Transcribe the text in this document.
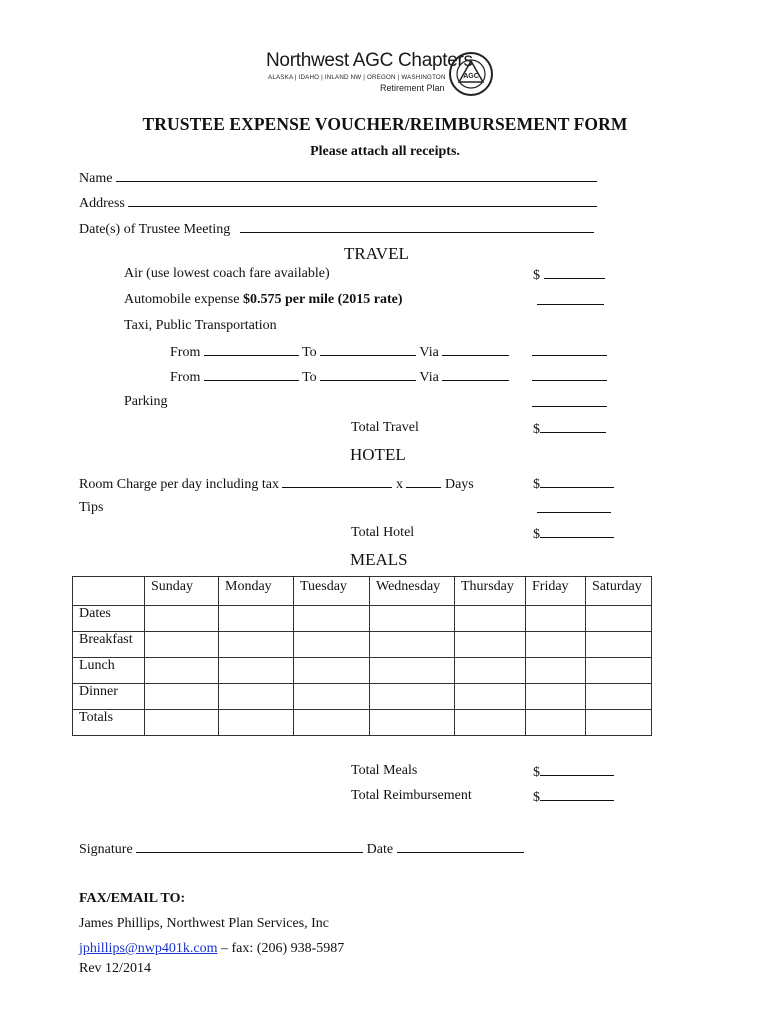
Northwest AGC Chapters
ALASKA | IDAHO | INLAND NW | OREGON | WASHINGTON
Retirement Plan
AGC
TRUSTEE EXPENSE VOUCHER/REIMBURSEMENT FORM
Please attach all receipts.
Name
Address
Date(s) of Trustee Meeting
TRAVEL
Air (use lowest coach fare available)	$
Automobile expense $0.575 per mile (2015 rate)
Taxi, Public Transportation
From	To	Via
From	To	Via
Parking
Total Travel	$
HOTEL
Room Charge per day including tax	x	Days	$
Tips
Total Hotel	$
MEALS
	Sunday	Monday	Tuesday	Wednesday	Thursday	Friday	Saturday
Dates							
Breakfast							
Lunch							
Dinner							
Totals							
Total Meals	$
Total Reimbursement	$
Signature	Date
FAX/EMAIL TO:
James Phillips, Northwest Plan Services, Inc
jphillips@nwp401k.com – fax: (206) 938-5987
Rev 12/2014
